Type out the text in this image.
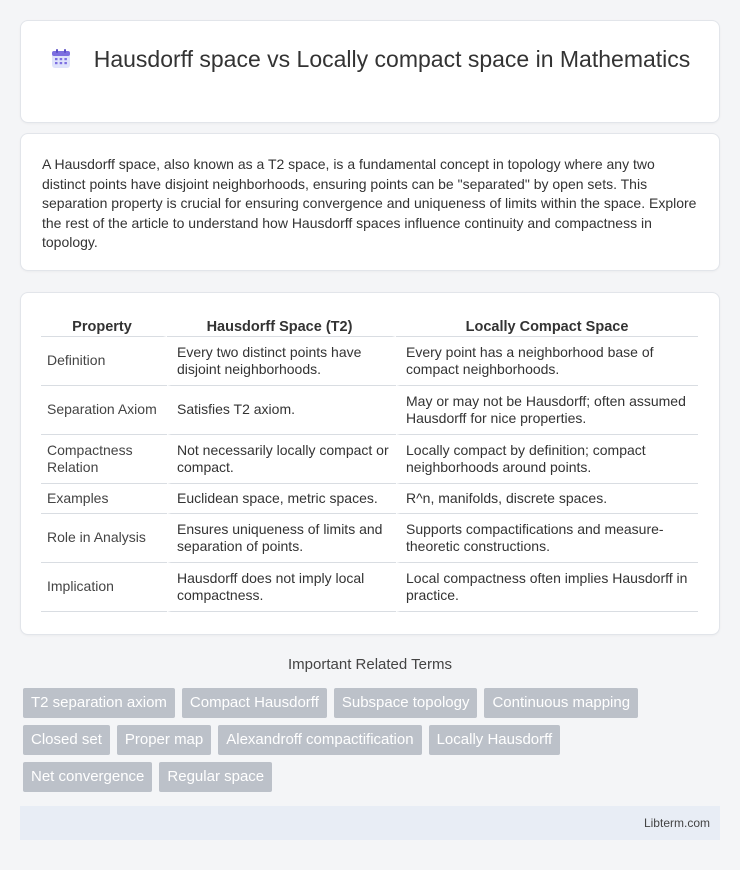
Hausdorff space vs Locally compact space in Mathematics

A Hausdorff space, also known as a T2 space, is a fundamental concept in topology where any two distinct points have disjoint neighborhoods, ensuring points can be "separated" by open sets. This separation property is crucial for ensuring convergence and uniqueness of limits within the space. Explore the rest of the article to understand how Hausdorff spaces influence continuity and compactness in topology.

Property	Hausdorff Space (T2)	Locally Compact Space
Definition	Every two distinct points have disjoint neighborhoods.	Every point has a neighborhood base of compact neighborhoods.
Separation Axiom	Satisfies T2 axiom.	May or may not be Hausdorff; often assumed Hausdorff for nice properties.
Compactness Relation	Not necessarily locally compact or compact.	Locally compact by definition; compact neighborhoods around points.
Examples	Euclidean space, metric spaces.	R^n, manifolds, discrete spaces.
Role in Analysis	Ensures uniqueness of limits and separation of points.	Supports compactifications and measure-theoretic constructions.
Implication	Hausdorff does not imply local compactness.	Local compactness often implies Hausdorff in practice.
Important Related Terms
T2 separation axiom	Compact Hausdorff	Subspace topology	Continuous mapping
Closed set	Proper map	Alexandroff compactification	Locally Hausdorff
Net convergence	Regular space
Libterm.com
